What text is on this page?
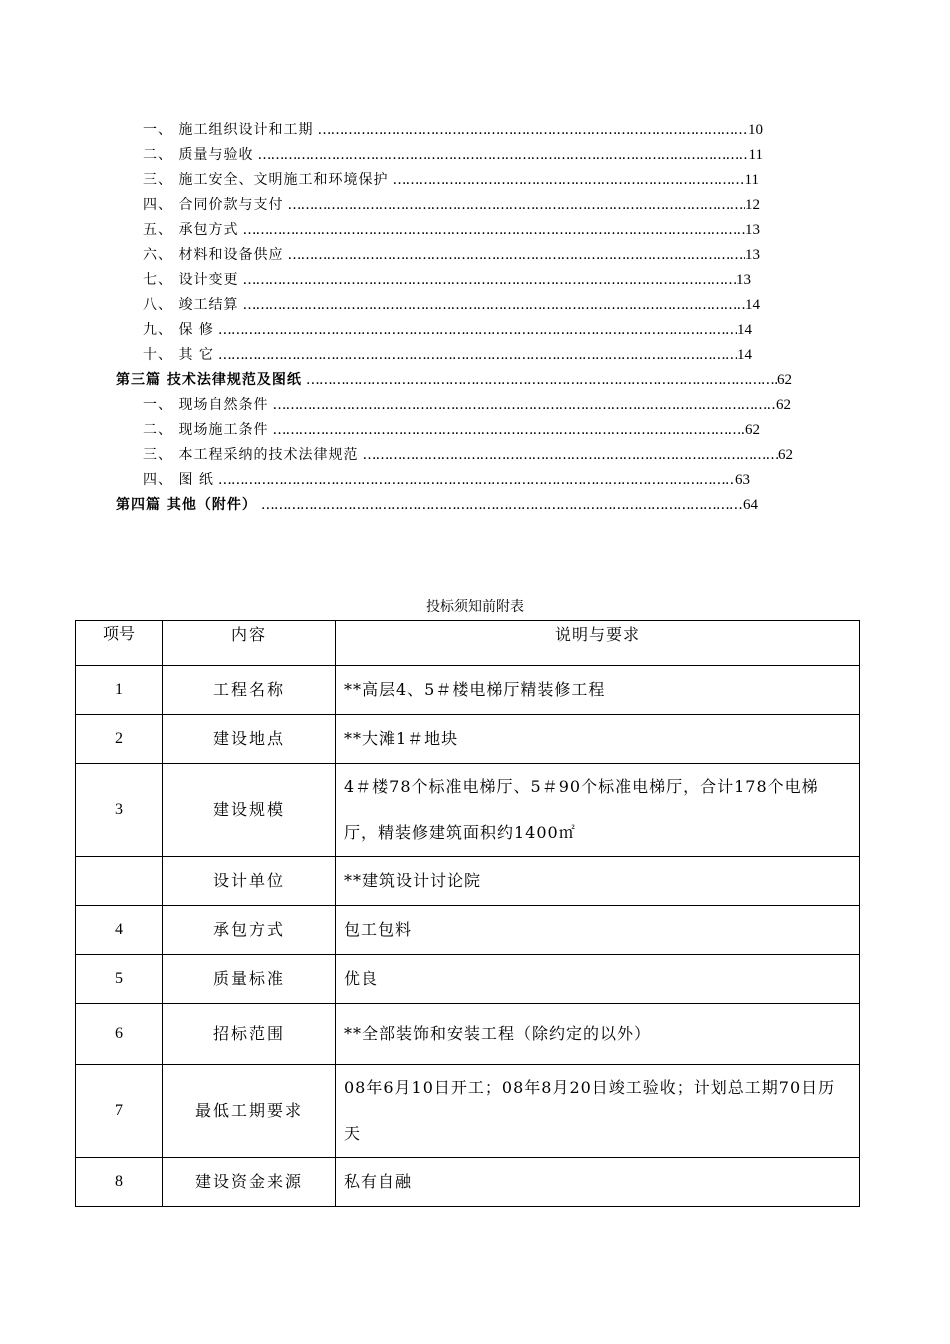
一、 施工组织设计和工期 ………………………………………………………………………………………………………………………………………………………………………………………………………………………	10
二、 质量与验收 ………………………………………………………………………………………………………………………………………………………………………………………………………………………	11
三、 施工安全、文明施工和环境保护 ………………………………………………………………………………………………………………………………………………………………………………………………………………………	11
四、 合同价款与支付 ………………………………………………………………………………………………………………………………………………………………………………………………………………………	12
五、 承包方式 ………………………………………………………………………………………………………………………………………………………………………………………………………………………	13
六、 材料和设备供应 ………………………………………………………………………………………………………………………………………………………………………………………………………………………	13
七、 设计变更 ………………………………………………………………………………………………………………………………………………………………………………………………………………………	13
八、 竣工结算 ………………………………………………………………………………………………………………………………………………………………………………………………………………………	14
九、 保 修 ………………………………………………………………………………………………………………………………………………………………………………………………………………………	14
十、 其 它 ………………………………………………………………………………………………………………………………………………………………………………………………………………………	14
第三篇 技术法律规范及图纸 ………………………………………………………………………………………………………………………………………………………………………………………………………………………	62
一、 现场自然条件 ………………………………………………………………………………………………………………………………………………………………………………………………………………………	62
二、 现场施工条件 ………………………………………………………………………………………………………………………………………………………………………………………………………………………	62
三、 本工程采纳的技术法律规范 ………………………………………………………………………………………………………………………………………………………………………………………………………………………	62
四、 图 纸 ………………………………………………………………………………………………………………………………………………………………………………………………………………………	63
第四篇 其他（附件） ………………………………………………………………………………………………………………………………………………………………………………………………………………………	64
投标须知前附表
项号	内容	说明与要求
1	工程名称	**高层4、5＃楼电梯厅精装修工程
2	建设地点	**大滩1＃地块
3	建设规模	4＃楼78个标准电梯厅、5＃90个标准电梯厅，合计178个电梯厅，精装修建筑面积约1400㎡
	设计单位	**建筑设计讨论院
4	承包方式	包工包料
5	质量标准	优良
6	招标范围	**全部装饰和安装工程（除约定的以外）
7	最低工期要求	08年6月10日开工；08年8月20日竣工验收；计划总工期70日历天
8	建设资金来源	私有自融
